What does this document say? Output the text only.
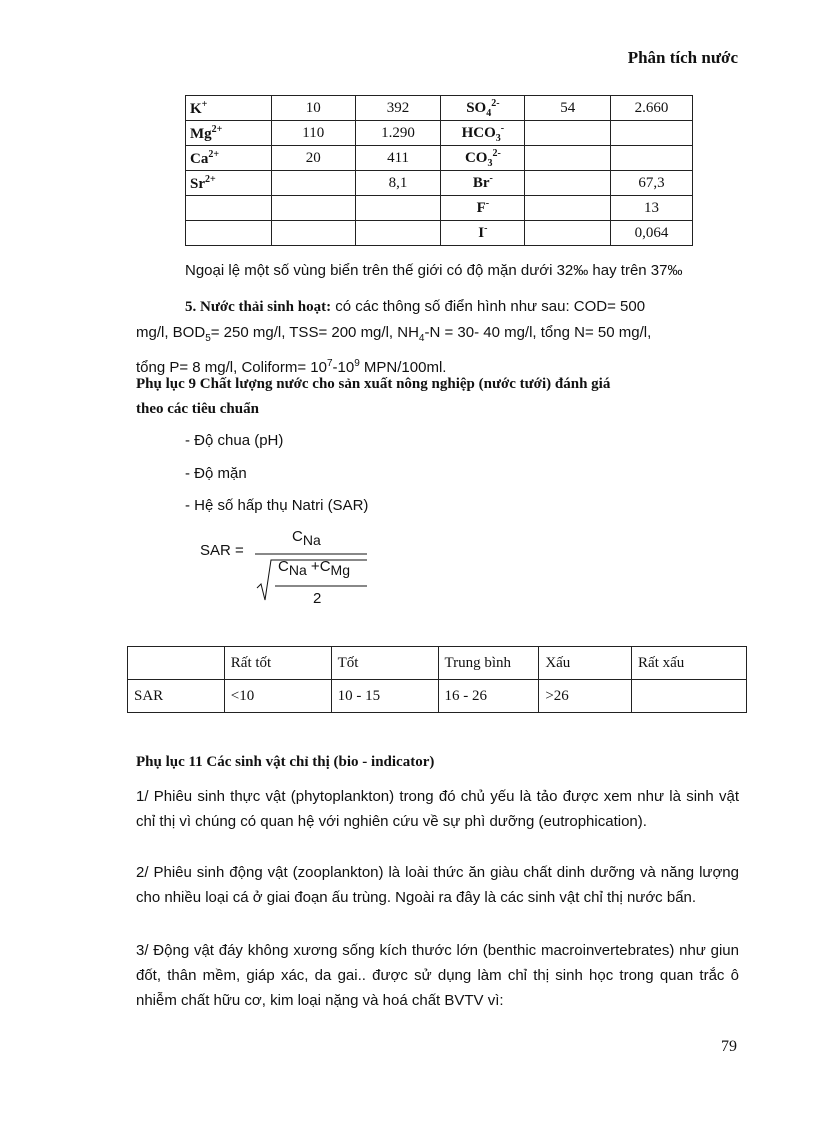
Phân tích nước
K+	10	392	$SO_4^{2-}$	54	2.660
$Mg^{2+}$	110	1.290	$HCO_3^-$		
$Ca^{2+}$	20	411	$CO_3^{2-}$		
$Sr^{2+}$		8,1	Br-		67,3
			F-		13
			I-		0,064
Ngoại lệ một số vùng biển trên thế giới có độ mặn dưới 32‰ hay trên 37‰
5. Nước thải sinh hoạt: có các thông số điển hình như sau: COD= 500
mg/l, $BOD_5= 250$ mg/l, TSS= 200 mg/l, $NH_4-N = 30-$ 40 mg/l, tổng N= 50 mg/l,
tổng P= 8 mg/l, Coliform= $10^7-10^9$ MPN/100ml.
Phụ lục 9 Chất lượng nước cho sản xuất nông nghiệp (nước tưới) đánh giá
theo các tiêu chuẩn
- Độ chua (pH)
- Độ mặn
- Hệ số hấp thụ Natri (SAR)
SAR =
$C_{Na}$
$C_{Na} +C_{Mg}$
2
	Rất tốt	Tốt	Trung bình	Xấu	Rất xấu
SAR	<10	10 - 15	16 - 26	>26	
Phụ lục 11 Các sinh vật chỉ thị (bio - indicator)
1/ Phiêu sinh thực vật (phytoplankton) trong đó chủ yếu là tảo được xem như là sinh vật chỉ thị vì chúng có quan hệ với nghiên cứu về sự phì dưỡng (eutrophication).
2/ Phiêu sinh động vật (zooplankton) là loài thức ăn giàu chất dinh dưỡng và năng lượng cho nhiều loại cá ở giai đoạn ấu trùng. Ngoài ra đây là các sinh vật chỉ thị nước bẩn.
3/ Động vật đáy không xương sống kích thước lớn (benthic macroinvertebrates) như giun đốt, thân mềm, giáp xác, da gai.. được sử dụng làm chỉ thị sinh học trong quan trắc ô nhiễm chất hữu cơ, kim loại nặng và hoá chất BVTV vì:
79
